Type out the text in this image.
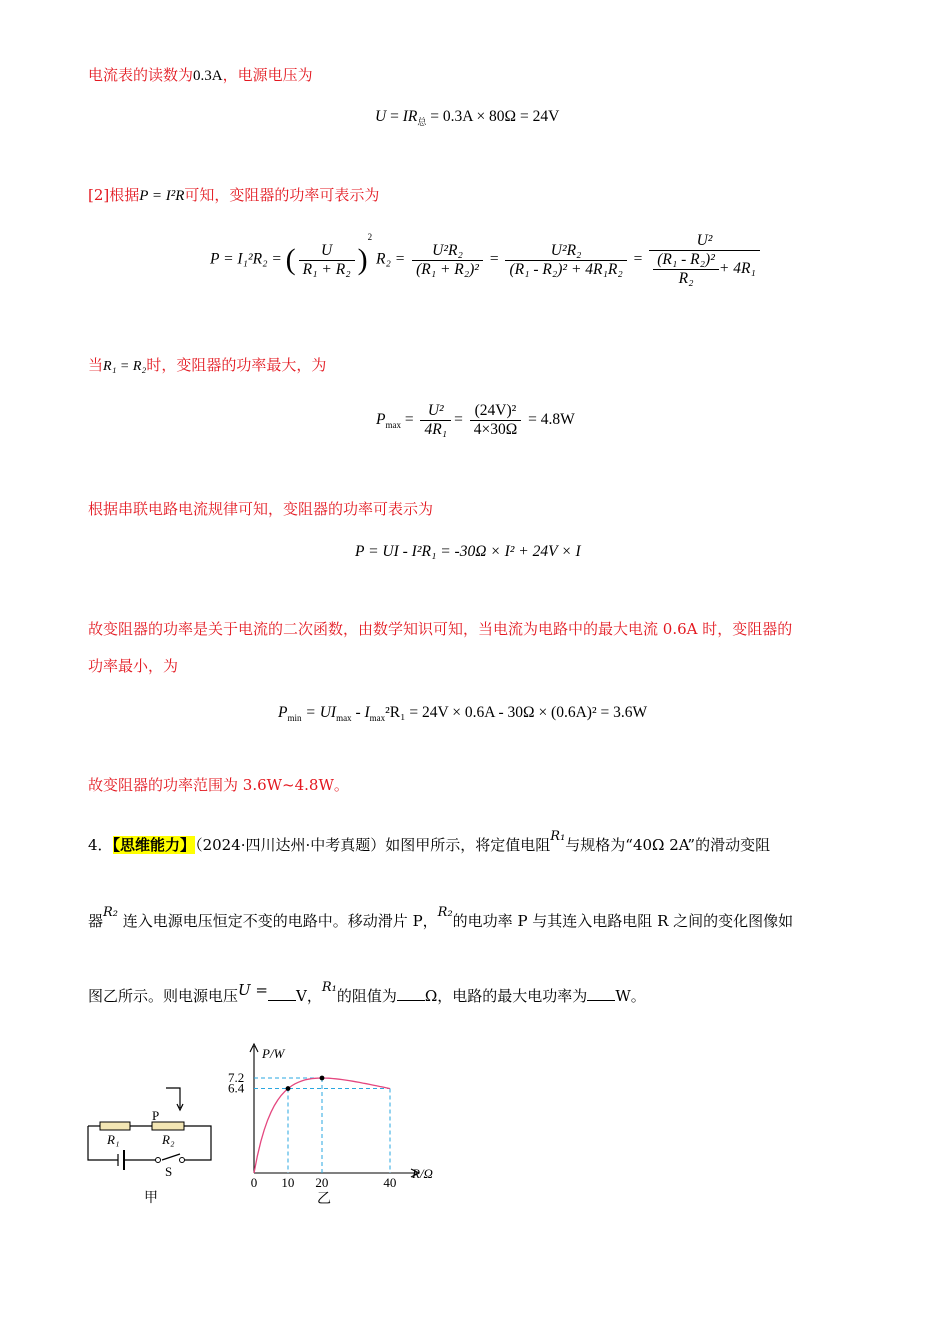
电流表的读数为0.3A，电源电压为
$U = IR_总 = 0.3A \times 80\Omega = 24V$
[2]根据P = I²R可知，变阻器的功率可表示为
P = I₁²R₂ = ( $\frac{U}{\text{R₁ + R₂}} )^2$ $R_2 = \frac{\text{U²R₂}}{\text{(R₁ + R₂)²}} = \frac{\text{U²R₂}}{\text{(R₁ - R₂)² + 4R₁R₂}} = \frac{\text{U²}}{\frac{\text{(R₁ - R₂)²}}{\text{R₂}} + 4R_1}$
当R₁ = R₂时，变阻器的功率最大，为
$P_{max} = \frac{\text{U²}}{\text{4R₁}} = \frac{\text{(24V)²}}{4\times 30\Omega} = 4.8W$
根据串联电路电流规律可知，变阻器的功率可表示为
P = UI - I²R₁ = -30Ω × I² + 24V × I
故变阻器的功率是关于电流的二次函数，由数学知识可知，当电流为电路中的最大电流 0.6A 时，变阻器的
功率最小，为
$P_{min} = UI_{max} - I_{max}^2R_1 = 24V \times 0.6A - 30\Omega \times (0.6A)^2 = 3.6W$
故变阻器的功率范围为 3.6W~4.8W。
4．【思维能力】（2024·四川达州·中考真题）如图甲所示，将定值电阻R₁与规格为“40Ω 2A”的滑动变阻
器R₂ 连入电源电压恒定不变的电路中。移动滑片 P，R₂的电功率 P 与其连入电路电阻 R 之间的变化图像如
图乙所示。则电源电压U = V，R₁的阻值为 Ω，电路的最大电功率为 W。
R₁	R₂
P
S
甲
0 10 20	40
7.2
6.4
P/W
R/Ω
乙
